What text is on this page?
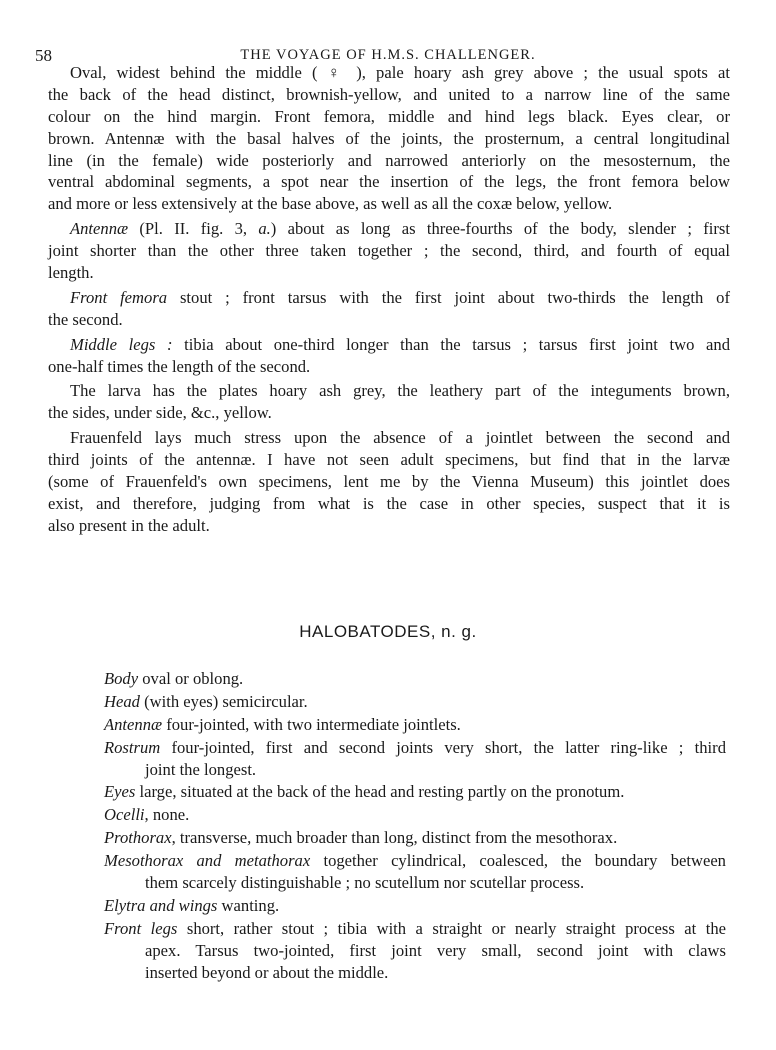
58	THE VOYAGE OF H.M.S. CHALLENGER.
Oval, widest behind the middle ( ♀ ), pale hoary ash grey above ; the usual spots at
the back of the head distinct, brownish-yellow, and united to a narrow line of the same
colour on the hind margin. Front femora, middle and hind legs black. Eyes clear, or
brown. Antennæ with the basal halves of the joints, the prosternum, a central longitudinal
line (in the female) wide posteriorly and narrowed anteriorly on the mesosternum, the
ventral abdominal segments, a spot near the insertion of the legs, the front femora below
and more or less extensively at the base above, as well as all the coxæ below, yellow.
Antennæ (Pl. II. fig. 3, a.) about as long as three-fourths of the body, slender ; first
joint shorter than the other three taken together ; the second, third, and fourth of equal
length.
Front femora stout ; front tarsus with the first joint about two-thirds the length of
the second.
Middle legs : tibia about one-third longer than the tarsus ; tarsus first joint two and
one-half times the length of the second.
The larva has the plates hoary ash grey, the leathery part of the integuments brown,
the sides, under side, &c., yellow.
Frauenfeld lays much stress upon the absence of a jointlet between the second and
third joints of the antennæ. I have not seen adult specimens, but find that in the larvæ
(some of Frauenfeld's own specimens, lent me by the Vienna Museum) this jointlet does
exist, and therefore, judging from what is the case in other species, suspect that it is
also present in the adult.
HALOBATODES, n. g.
Body oval or oblong.
Head (with eyes) semicircular.
Antennæ four-jointed, with two intermediate jointlets.
Rostrum four-jointed, first and second joints very short, the latter ring-like ; third
joint the longest.
Eyes large, situated at the back of the head and resting partly on the pronotum.
Ocelli, none.
Prothorax, transverse, much broader than long, distinct from the mesothorax.
Mesothorax and metathorax together cylindrical, coalesced, the boundary between
them scarcely distinguishable ; no scutellum nor scutellar process.
Elytra and wings wanting.
Front legs short, rather stout ; tibia with a straight or nearly straight process at the
apex. Tarsus two-jointed, first joint very small, second joint with claws
inserted beyond or about the middle.
